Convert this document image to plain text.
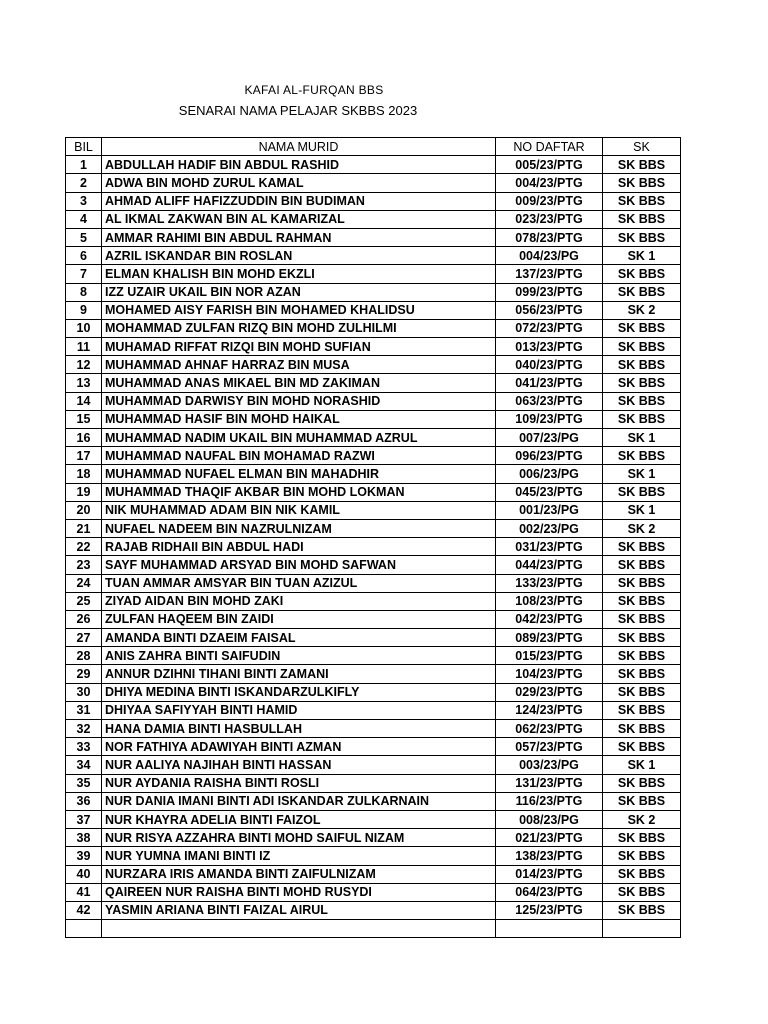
KAFAI AL-FURQAN BBS
SENARAI NAMA PELAJAR SKBBS 2023
BIL	NAMA MURID	NO DAFTAR	SK
1	ABDULLAH HADIF BIN ABDUL RASHID	005/23/PTG	SK BBS
2	ADWA BIN MOHD ZURUL KAMAL	004/23/PTG	SK BBS
3	AHMAD ALIFF HAFIZZUDDIN BIN BUDIMAN	009/23/PTG	SK BBS
4	AL IKMAL ZAKWAN BIN AL KAMARIZAL	023/23/PTG	SK BBS
5	AMMAR RAHIMI BIN ABDUL RAHMAN	078/23/PTG	SK BBS
6	AZRIL ISKANDAR BIN ROSLAN	004/23/PG	SK 1
7	ELMAN KHALISH BIN MOHD EKZLI	137/23/PTG	SK BBS
8	IZZ UZAIR UKAIL BIN NOR AZAN	099/23/PTG	SK BBS
9	MOHAMED AISY FARISH BIN MOHAMED KHALIDSU	056/23/PTG	SK 2
10	MOHAMMAD ZULFAN RIZQ BIN MOHD ZULHILMI	072/23/PTG	SK BBS
11	MUHAMAD RIFFAT RIZQI BIN MOHD SUFIAN	013/23/PTG	SK BBS
12	MUHAMMAD AHNAF HARRAZ BIN MUSA	040/23/PTG	SK BBS
13	MUHAMMAD ANAS MIKAEL BIN MD ZAKIMAN	041/23/PTG	SK BBS
14	MUHAMMAD DARWISY BIN MOHD NORASHID	063/23/PTG	SK BBS
15	MUHAMMAD HASIF BIN MOHD HAIKAL	109/23/PTG	SK BBS
16	MUHAMMAD NADIM UKAIL BIN MUHAMMAD AZRUL	007/23/PG	SK 1
17	MUHAMMAD NAUFAL BIN MOHAMAD RAZWI	096/23/PTG	SK BBS
18	MUHAMMAD NUFAEL ELMAN BIN MAHADHIR	006/23/PG	SK 1
19	MUHAMMAD THAQIF AKBAR BIN MOHD LOKMAN	045/23/PTG	SK BBS
20	NIK MUHAMMAD ADAM BIN NIK KAMIL	001/23/PG	SK 1
21	NUFAEL NADEEM BIN NAZRULNIZAM	002/23/PG	SK 2
22	RAJAB RIDHAII BIN ABDUL HADI	031/23/PTG	SK BBS
23	SAYF MUHAMMAD ARSYAD BIN MOHD SAFWAN	044/23/PTG	SK BBS
24	TUAN AMMAR AMSYAR BIN TUAN AZIZUL	133/23/PTG	SK BBS
25	ZIYAD AIDAN BIN MOHD ZAKI	108/23/PTG	SK BBS
26	ZULFAN HAQEEM BIN ZAIDI	042/23/PTG	SK BBS
27	AMANDA BINTI DZAEIM FAISAL	089/23/PTG	SK BBS
28	ANIS ZAHRA BINTI SAIFUDIN	015/23/PTG	SK BBS
29	ANNUR DZIHNI TIHANI BINTI ZAMANI	104/23/PTG	SK BBS
30	DHIYA MEDINA BINTI ISKANDARZULKIFLY	029/23/PTG	SK BBS
31	DHIYAA SAFIYYAH BINTI HAMID	124/23/PTG	SK BBS
32	HANA DAMIA BINTI HASBULLAH	062/23/PTG	SK BBS
33	NOR FATHIYA ADAWIYAH BINTI AZMAN	057/23/PTG	SK BBS
34	NUR AALIYA NAJIHAH BINTI HASSAN	003/23/PG	SK 1
35	NUR AYDANIA RAISHA BINTI ROSLI	131/23/PTG	SK BBS
36	NUR DANIA IMANI BINTI ADI ISKANDAR ZULKARNAIN	116/23/PTG	SK BBS
37	NUR KHAYRA ADELIA BINTI FAIZOL	008/23/PG	SK 2
38	NUR RISYA AZZAHRA BINTI MOHD SAIFUL NIZAM	021/23/PTG	SK BBS
39	NUR YUMNA IMANI BINTI IZ	138/23/PTG	SK BBS
40	NURZARA IRIS AMANDA BINTI ZAIFULNIZAM	014/23/PTG	SK BBS
41	QAIREEN NUR RAISHA BINTI MOHD RUSYDI	064/23/PTG	SK BBS
42	YASMIN ARIANA BINTI FAIZAL AIRUL	125/23/PTG	SK BBS
